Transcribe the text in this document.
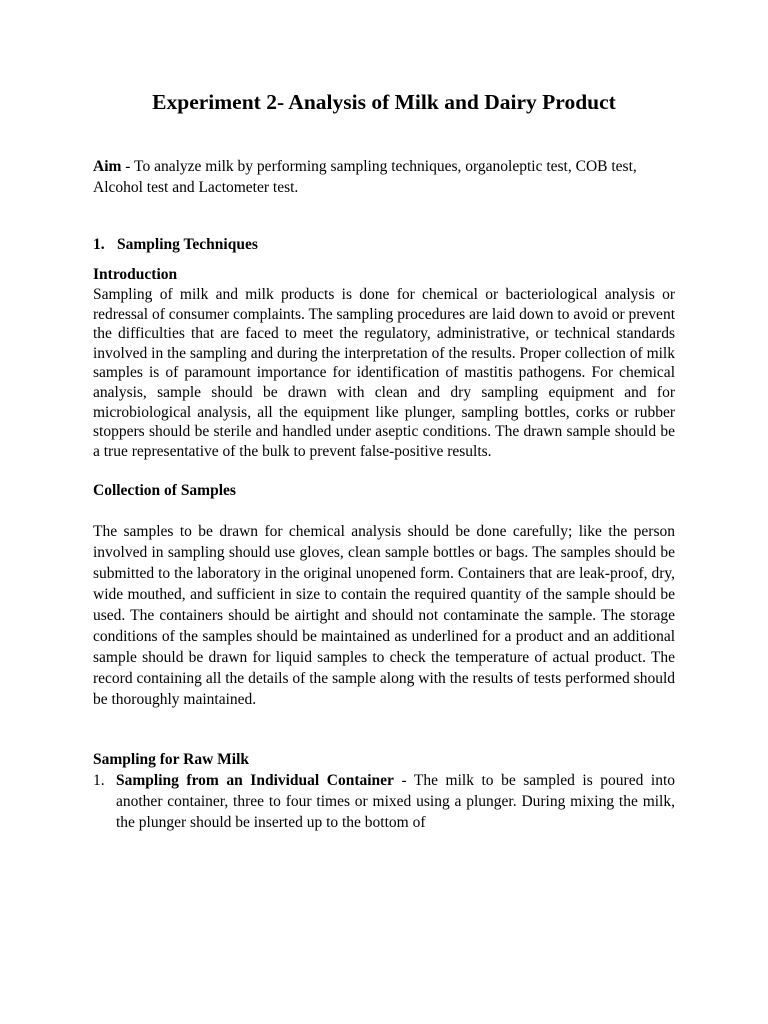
Experiment 2- Analysis of Milk and Dairy Product

Aim - To analyze milk by performing sampling techniques, organoleptic test, COB test, Alcohol test and Lactometer test.

1. Sampling Techniques
Introduction

Sampling of milk and milk products is done for chemical or bacteriological analysis or redressal of consumer complaints. The sampling procedures are laid down to avoid or prevent the difficulties that are faced to meet the regulatory, administrative, or technical standards involved in the sampling and during the interpretation of the results. Proper collection of milk samples is of paramount importance for identification of mastitis pathogens. For chemical analysis, sample should be drawn with clean and dry sampling equipment and for microbiological analysis, all the equipment like plunger, sampling bottles, corks or rubber stoppers should be sterile and handled under aseptic conditions. The drawn sample should be a true representative of the bulk to prevent false-positive results.

Collection of Samples

The samples to be drawn for chemical analysis should be done carefully; like the person involved in sampling should use gloves, clean sample bottles or bags. The samples should be submitted to the laboratory in the original unopened form. Containers that are leak-proof, dry, wide mouthed, and sufficient in size to contain the required quantity of the sample should be used. The containers should be airtight and should not contaminate the sample. The storage conditions of the samples should be maintained as underlined for a product and an additional sample should be drawn for liquid samples to check the temperature of actual product. The record containing all the details of the sample along with the results of tests performed should be thoroughly maintained.

Sampling for Raw Milk
1. Sampling from an Individual Container - The milk to be sampled is poured into another container, three to four times or mixed using a plunger. During mixing the milk, the plunger should be inserted up to the bottom of
